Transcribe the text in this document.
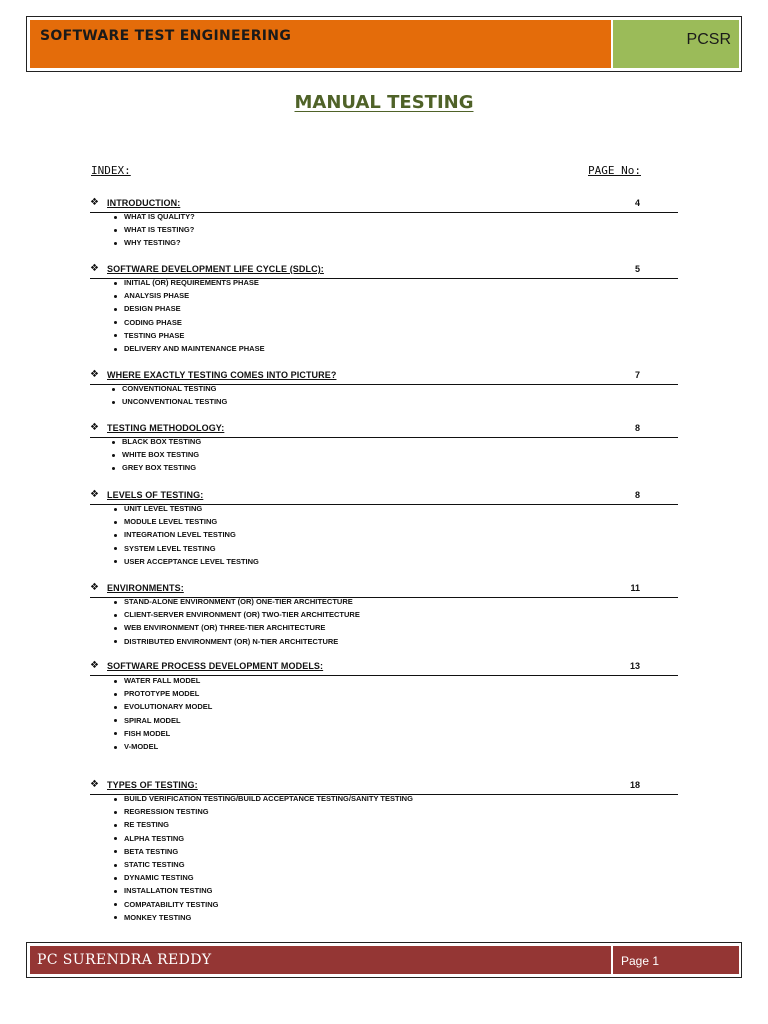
SOFTWARE TEST ENGINEERING	PCSR
MANUAL TESTING
INDEX:	PAGE No:
❖ INTRODUCTION:	4
WHAT IS QUALITY?
WHAT IS TESTING?
WHY TESTING?
❖ SOFTWARE DEVELOPMENT LIFE CYCLE (SDLC):	5
INITIAL (OR) REQUIREMENTS PHASE
ANALYSIS PHASE
DESIGN PHASE
CODING PHASE
TESTING PHASE
DELIVERY AND MAINTENANCE PHASE
❖ WHERE EXACTLY TESTING COMES INTO PICTURE?	7
CONVENTIONAL TESTING
UNCONVENTIONAL TESTING
❖ TESTING METHODOLOGY:	8
BLACK BOX TESTING
WHITE BOX TESTING
GREY BOX TESTING
❖ LEVELS OF TESTING:	8
UNIT LEVEL TESTING
MODULE LEVEL TESTING
INTEGRATION LEVEL TESTING
SYSTEM LEVEL TESTING
USER ACCEPTANCE LEVEL TESTING
❖ ENVIRONMENTS:	11
STAND-ALONE ENVIRONMENT (OR) ONE-TIER ARCHITECTURE
CLIENT-SERVER ENVIRONMENT (OR) TWO-TIER ARCHITECTURE
WEB ENVIRONMENT (OR) THREE-TIER ARCHITECTURE
DISTRIBUTED ENVIRONMENT (OR) N-TIER ARCHITECTURE
❖ SOFTWARE PROCESS DEVELOPMENT MODELS:	13
WATER FALL MODEL
PROTOTYPE MODEL
EVOLUTIONARY MODEL
SPIRAL MODEL
FISH MODEL
V-MODEL
❖ TYPES OF TESTING:	18
BUILD VERIFICATION TESTING/BUILD ACCEPTANCE TESTING/SANITY TESTING
REGRESSION TESTING
RE TESTING
ALPHA TESTING
BETA TESTING
STATIC TESTING
DYNAMIC TESTING
INSTALLATION TESTING
COMPATABILITY TESTING
MONKEY TESTING
PC SURENDRA REDDY	Page 1
